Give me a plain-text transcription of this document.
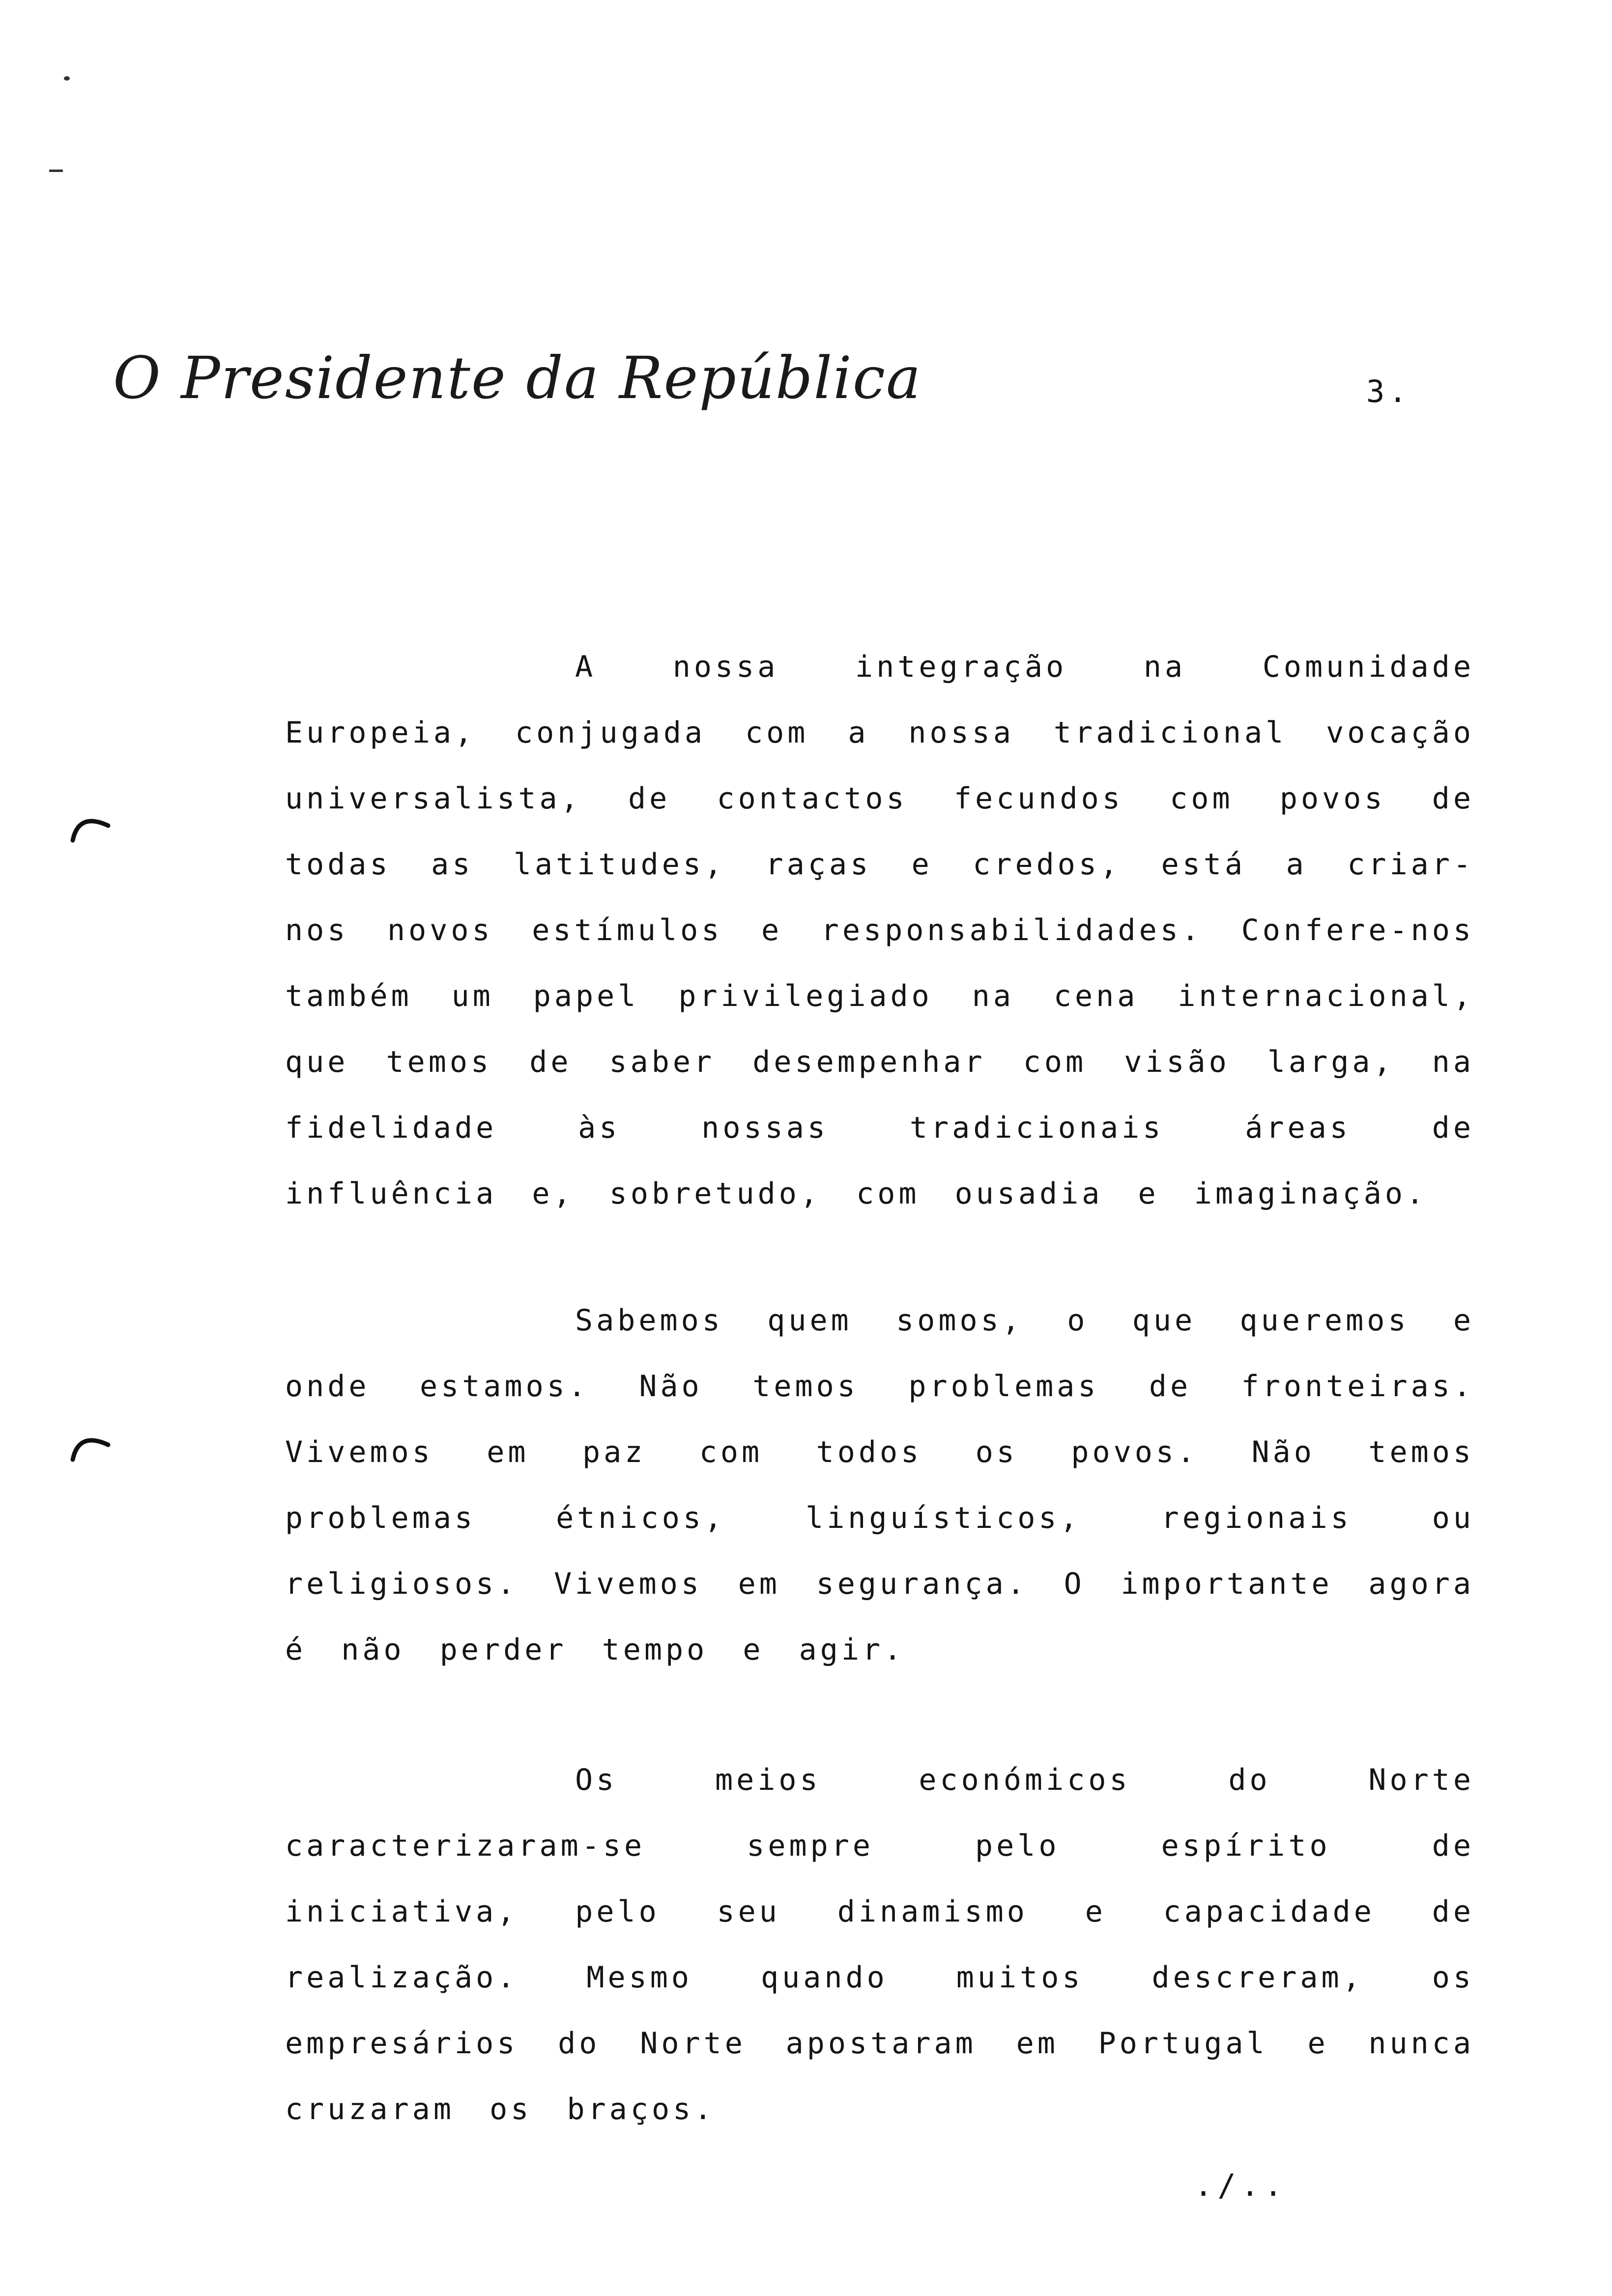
O Presidente da República	3.

A nossa integração na Comunidade Europeia, conjugada com a nossa tradicional vocação universalista, de contactos fecundos com povos de todas as latitudes, raças e credos, está a criar-nos novos estímulos e responsabilidades. Confere-nos também um papel privilegiado na cena internacional, que temos de saber desempenhar com visão larga, na fidelidade às nossas tradicionais áreas de influência e, sobretudo, com ousadia e imaginação.

Sabemos quem somos, o que queremos e onde estamos. Não temos problemas de fronteiras. Vivemos em paz com todos os povos. Não temos problemas étnicos, linguísticos, regionais ou religiosos. Vivemos em segurança. O importante agora é não perder tempo e agir.

Os meios económicos do Norte caracterizaram-se sempre pelo espírito de iniciativa, pelo seu dinamismo e capacidade de realização. Mesmo quando muitos descreram, os empresários do Norte apostaram em Portugal e nunca cruzaram os braços.

./..
